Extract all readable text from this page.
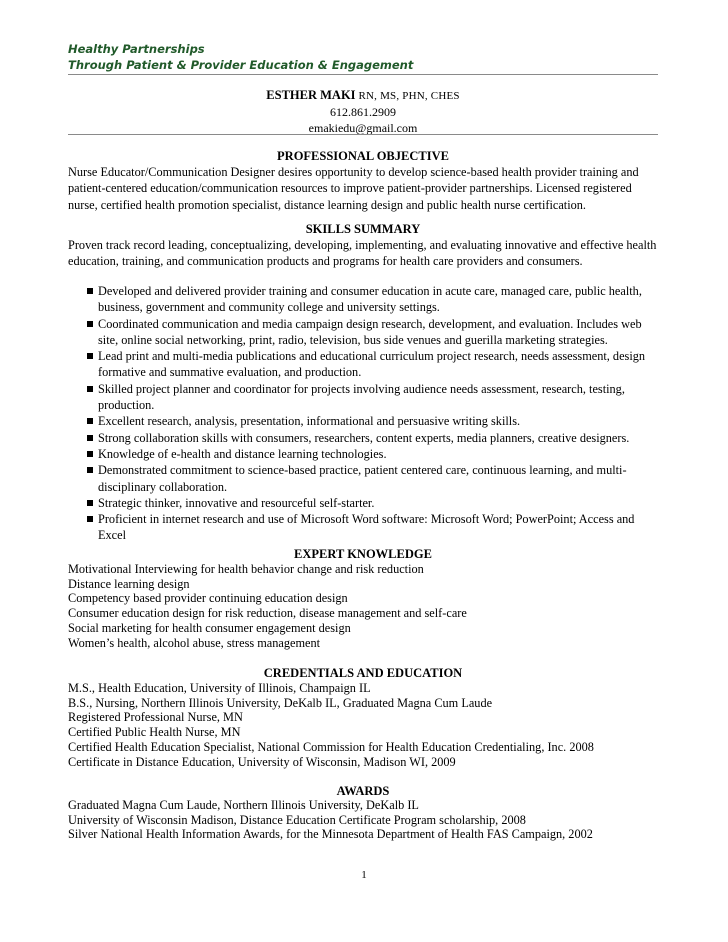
Healthy Partnerships
Through Patient & Provider Education & Engagement
ESTHER MAKI RN, MS, PHN, CHES
612.861.2909
emakiedu@gmail.com
PROFESSIONAL OBJECTIVE

Nurse Educator/Communication Designer desires opportunity to develop science-based health provider training and patient-centered education/communication resources to improve patient-provider partnerships. Licensed registered nurse, certified health promotion specialist, distance learning design and public health nurse certification.

SKILLS SUMMARY

Proven track record leading, conceptualizing, developing, implementing, and evaluating innovative and effective health education, training, and communication products and programs for health care providers and consumers.

Developed and delivered provider training and consumer education in acute care, managed care, public health, business, government and community college and university settings.
Coordinated communication and media campaign design research, development, and evaluation. Includes web site, online social networking, print, radio, television, bus side venues and guerilla marketing strategies.
Lead print and multi-media publications and educational curriculum project research, needs assessment, design formative and summative evaluation, and production.
Skilled project planner and coordinator for projects involving audience needs assessment, research, testing, production.
Excellent research, analysis, presentation, informational and persuasive writing skills.
Strong collaboration skills with consumers, researchers, content experts, media planners, creative designers.
Knowledge of e-health and distance learning technologies.
Demonstrated commitment to science-based practice, patient centered care, continuous learning, and multi-disciplinary collaboration.
Strategic thinker, innovative and resourceful self-starter.
Proficient in internet research and use of Microsoft Word software: Microsoft Word; PowerPoint; Access and Excel
EXPERT KNOWLEDGE
Motivational Interviewing for health behavior change and risk reduction
Distance learning design
Competency based provider continuing education design
Consumer education design for risk reduction, disease management and self-care
Social marketing for health consumer engagement design
Women’s health, alcohol abuse, stress management
CREDENTIALS AND EDUCATION
M.S., Health Education, University of Illinois, Champaign IL
B.S., Nursing, Northern Illinois University, DeKalb IL, Graduated Magna Cum Laude
Registered Professional Nurse, MN
Certified Public Health Nurse, MN
Certified Health Education Specialist, National Commission for Health Education Credentialing, Inc. 2008
Certificate in Distance Education, University of Wisconsin, Madison WI, 2009
AWARDS
Graduated Magna Cum Laude, Northern Illinois University, DeKalb IL
University of Wisconsin Madison, Distance Education Certificate Program scholarship, 2008
Silver National Health Information Awards, for the Minnesota Department of Health FAS Campaign, 2002
1
